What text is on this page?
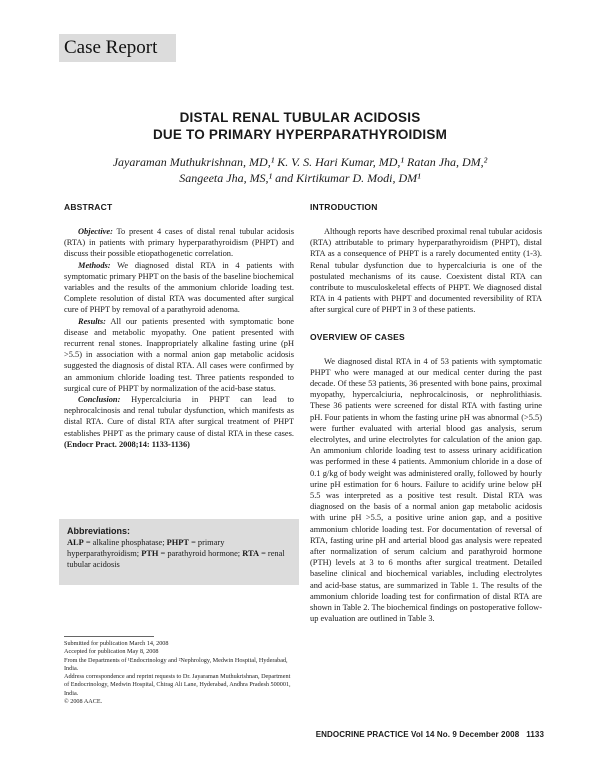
Case Report
DISTAL RENAL TUBULAR ACIDOSIS
DUE TO PRIMARY HYPERPARATHYROIDISM
Jayaraman Muthukrishnan, MD,¹ K. V. S. Hari Kumar, MD,¹ Ratan Jha, DM,²
Sangeeta Jha, MS,¹ and Kirtikumar D. Modi, DM¹
ABSTRACT

Objective: To present 4 cases of distal renal tubular acidosis (RTA) in patients with primary hyperparathyroidism (PHPT) and discuss their possible etiopathogenetic correlation.

Methods: We diagnosed distal RTA in 4 patients with symptomatic primary PHPT on the basis of the baseline biochemical variables and the results of the ammonium chloride loading test. Complete resolution of distal RTA was documented after surgical cure of PHPT by removal of a parathyroid adenoma.

Results: All our patients presented with symptomatic bone disease and metabolic myopathy. One patient presented with recurrent renal stones. Inappropriately alkaline fasting urine (pH >5.5) in association with a normal anion gap metabolic acidosis suggested the diagnosis of distal RTA. All cases were confirmed by an ammonium chloride loading test. Three patients responded to surgical cure of PHPT by normalization of the acid-base status.

Conclusion: Hypercalciuria in PHPT can lead to nephrocalcinosis and renal tubular dysfunction, which manifests as distal RTA. Cure of distal RTA after surgical treatment of PHPT establishes PHPT as the primary cause of distal RTA in these cases. (Endocr Pract. 2008;14: 1133-1136)

Abbreviations:
ALP = alkaline phosphatase; PHPT = primary hyperparathyroidism; PTH = parathyroid hormone; RTA = renal tubular acidosis
Submitted for publication March 14, 2008
Accepted for publication May 8, 2008
From the Departments of ¹Endocrinology and ²Nephrology, Medwin Hospital, Hyderabad, India.
Address correspondence and reprint requests to Dr. Jayaraman Muthukrishnan, Department of Endocrinology, Medwin Hospital, Chirag Ali Lane, Hyderabad, Andhra Pradesh 500001, India.
© 2008 AACE.
INTRODUCTION

Although reports have described proximal renal tubular acidosis (RTA) attributable to primary hyperparathyroidism (PHPT), distal RTA as a consequence of PHPT is a rarely documented entity (1-3). Renal tubular dysfunction due to hypercalciuria is one of the postulated mechanisms of its cause. Coexistent distal RTA can contribute to musculoskeletal effects of PHPT. We diagnosed distal RTA in 4 patients with PHPT and documented reversibility of RTA after surgical cure of PHPT in 3 of these patients.

OVERVIEW OF CASES

We diagnosed distal RTA in 4 of 53 patients with symptomatic PHPT who were managed at our medical center during the past decade. Of these 53 patients, 36 presented with bone pains, proximal myopathy, hypercalciuria, nephrocalcinosis, or nephrolithiasis. These 36 patients were screened for distal RTA with fasting urine pH. Four patients in whom the fasting urine pH was abnormal (>5.5) were further evaluated with arterial blood gas analysis, serum electrolytes, and urine electrolytes for calculation of the anion gap. An ammonium chloride loading test to assess urinary acidification was performed in these 4 patients. Ammonium chloride in a dose of 0.1 g/kg of body weight was administered orally, followed by hourly urine pH estimation for 6 hours. Failure to acidify urine below pH 5.5 was interpreted as a positive test result. Distal RTA was diagnosed on the basis of a normal anion gap metabolic acidosis with urine pH >5.5, a positive urine anion gap, and a positive ammonium chloride loading test. For documentation of reversal of RTA, fasting urine pH and arterial blood gas analysis were repeated after normalization of serum calcium and parathyroid hormone (PTH) levels at 3 to 6 months after surgical treatment. Detailed baseline clinical and biochemical variables, including electrolytes and acid-base status, are summarized in Table 1. The results of the ammonium chloride loading test for confirmation of distal RTA are shown in Table 2. The biochemical findings on postoperative follow-up evaluation are outlined in Table 3.

ENDOCRINE PRACTICE Vol 14 No. 9 December 2008 1133
